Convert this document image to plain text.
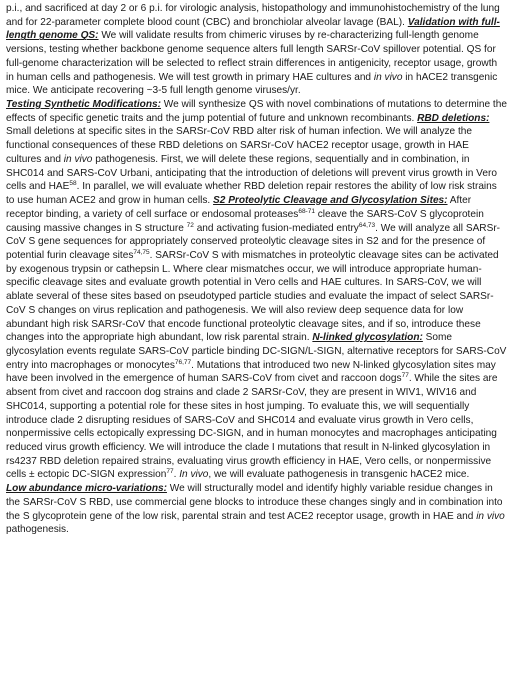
p.i., and sacrificed at day 2 or 6 p.i. for virologic analysis, histopathology and immunohistochemistry of the lung and for 22-parameter complete blood count (CBC) and bronchiolar alveolar lavage (BAL). Validation with full-length genome QS: We will validate results from chimeric viruses by re-characterizing full-length genome versions, testing whether backbone genome sequence alters full length SARSr-CoV spillover potential. QS for full-genome characterization will be selected to reflect strain differences in antigenicity, receptor usage, growth in human cells and pathogenesis. We will test growth in primary HAE cultures and in vivo in hACE2 transgenic mice. We anticipate recovering ~3-5 full length genome viruses/yr.

Testing Synthetic Modifications: We will synthesize QS with novel combinations of mutations to determine the effects of specific genetic traits and the jump potential of future and unknown recombinants. RBD deletions: Small deletions at specific sites in the SARSr-CoV RBD alter risk of human infection. We will analyze the functional consequences of these RBD deletions on SARSr-CoV hACE2 receptor usage, growth in HAE cultures and in vivo pathogenesis. First, we will delete these regions, sequentially and in combination, in SHC014 and SARS-CoV Urbani, anticipating that the introduction of deletions will prevent virus growth in Vero cells and HAE$^{58}$. In parallel, we will evaluate whether RBD deletion repair restores the ability of low risk strains to use human ACE2 and grow in human cells. S2 Proteolytic Cleavage and Glycosylation Sites: After receptor binding, a variety of cell surface or endosomal proteases$^{68-71}$ cleave the SARS-CoV S glycoprotein causing massive changes in S structure $^{72}$ and activating fusion-mediated entry$^{64,73}$. We will analyze all SARSr-CoV S gene sequences for appropriately conserved proteolytic cleavage sites in S2 and for the presence of potential furin cleavage sites$^{74,75}$. SARSr-CoV S with mismatches in proteolytic cleavage sites can be activated by exogenous trypsin or cathepsin L. Where clear mismatches occur, we will introduce appropriate human-specific cleavage sites and evaluate growth potential in Vero cells and HAE cultures. In SARS-CoV, we will ablate several of these sites based on pseudotyped particle studies and evaluate the impact of select SARSr-CoV S changes on virus replication and pathogenesis. We will also review deep sequence data for low abundant high risk SARSr-CoV that encode functional proteolytic cleavage sites, and if so, introduce these changes into the appropriate high abundant, low risk parental strain. N-linked glycosylation: Some glycosylation events regulate SARS-CoV particle binding DC-SIGN/L-SIGN, alternative receptors for SARS-CoV entry into macrophages or monocytes$^{76,77}$. Mutations that introduced two new N-linked glycosylation sites may have been involved in the emergence of human SARS-CoV from civet and raccoon dogs$^{77}$. While the sites are absent from civet and raccoon dog strains and clade 2 SARSr-CoV, they are present in WIV1, WIV16 and SHC014, supporting a potential role for these sites in host jumping. To evaluate this, we will sequentially introduce clade 2 disrupting residues of SARS-CoV and SHC014 and evaluate virus growth in Vero cells, nonpermissive cells ectopically expressing DC-SIGN, and in human monocytes and macrophages anticipating reduced virus growth efficiency. We will introduce the clade I mutations that result in N-linked glycosylation in rs4237 RBD deletion repaired strains, evaluating virus growth efficiency in HAE, Vero cells, or nonpermissive cells ± ectopic DC-SIGN expression$^{77}$. In vivo, we will evaluate pathogenesis in transgenic hACE2 mice.

Low abundance micro-variations: We will structurally model and identify highly variable residue changes in the SARSr-CoV S RBD, use commercial gene blocks to introduce these changes singly and in combination into the S glycoprotein gene of the low risk, parental strain and test ACE2 receptor usage, growth in HAE and in vivo pathogenesis.
